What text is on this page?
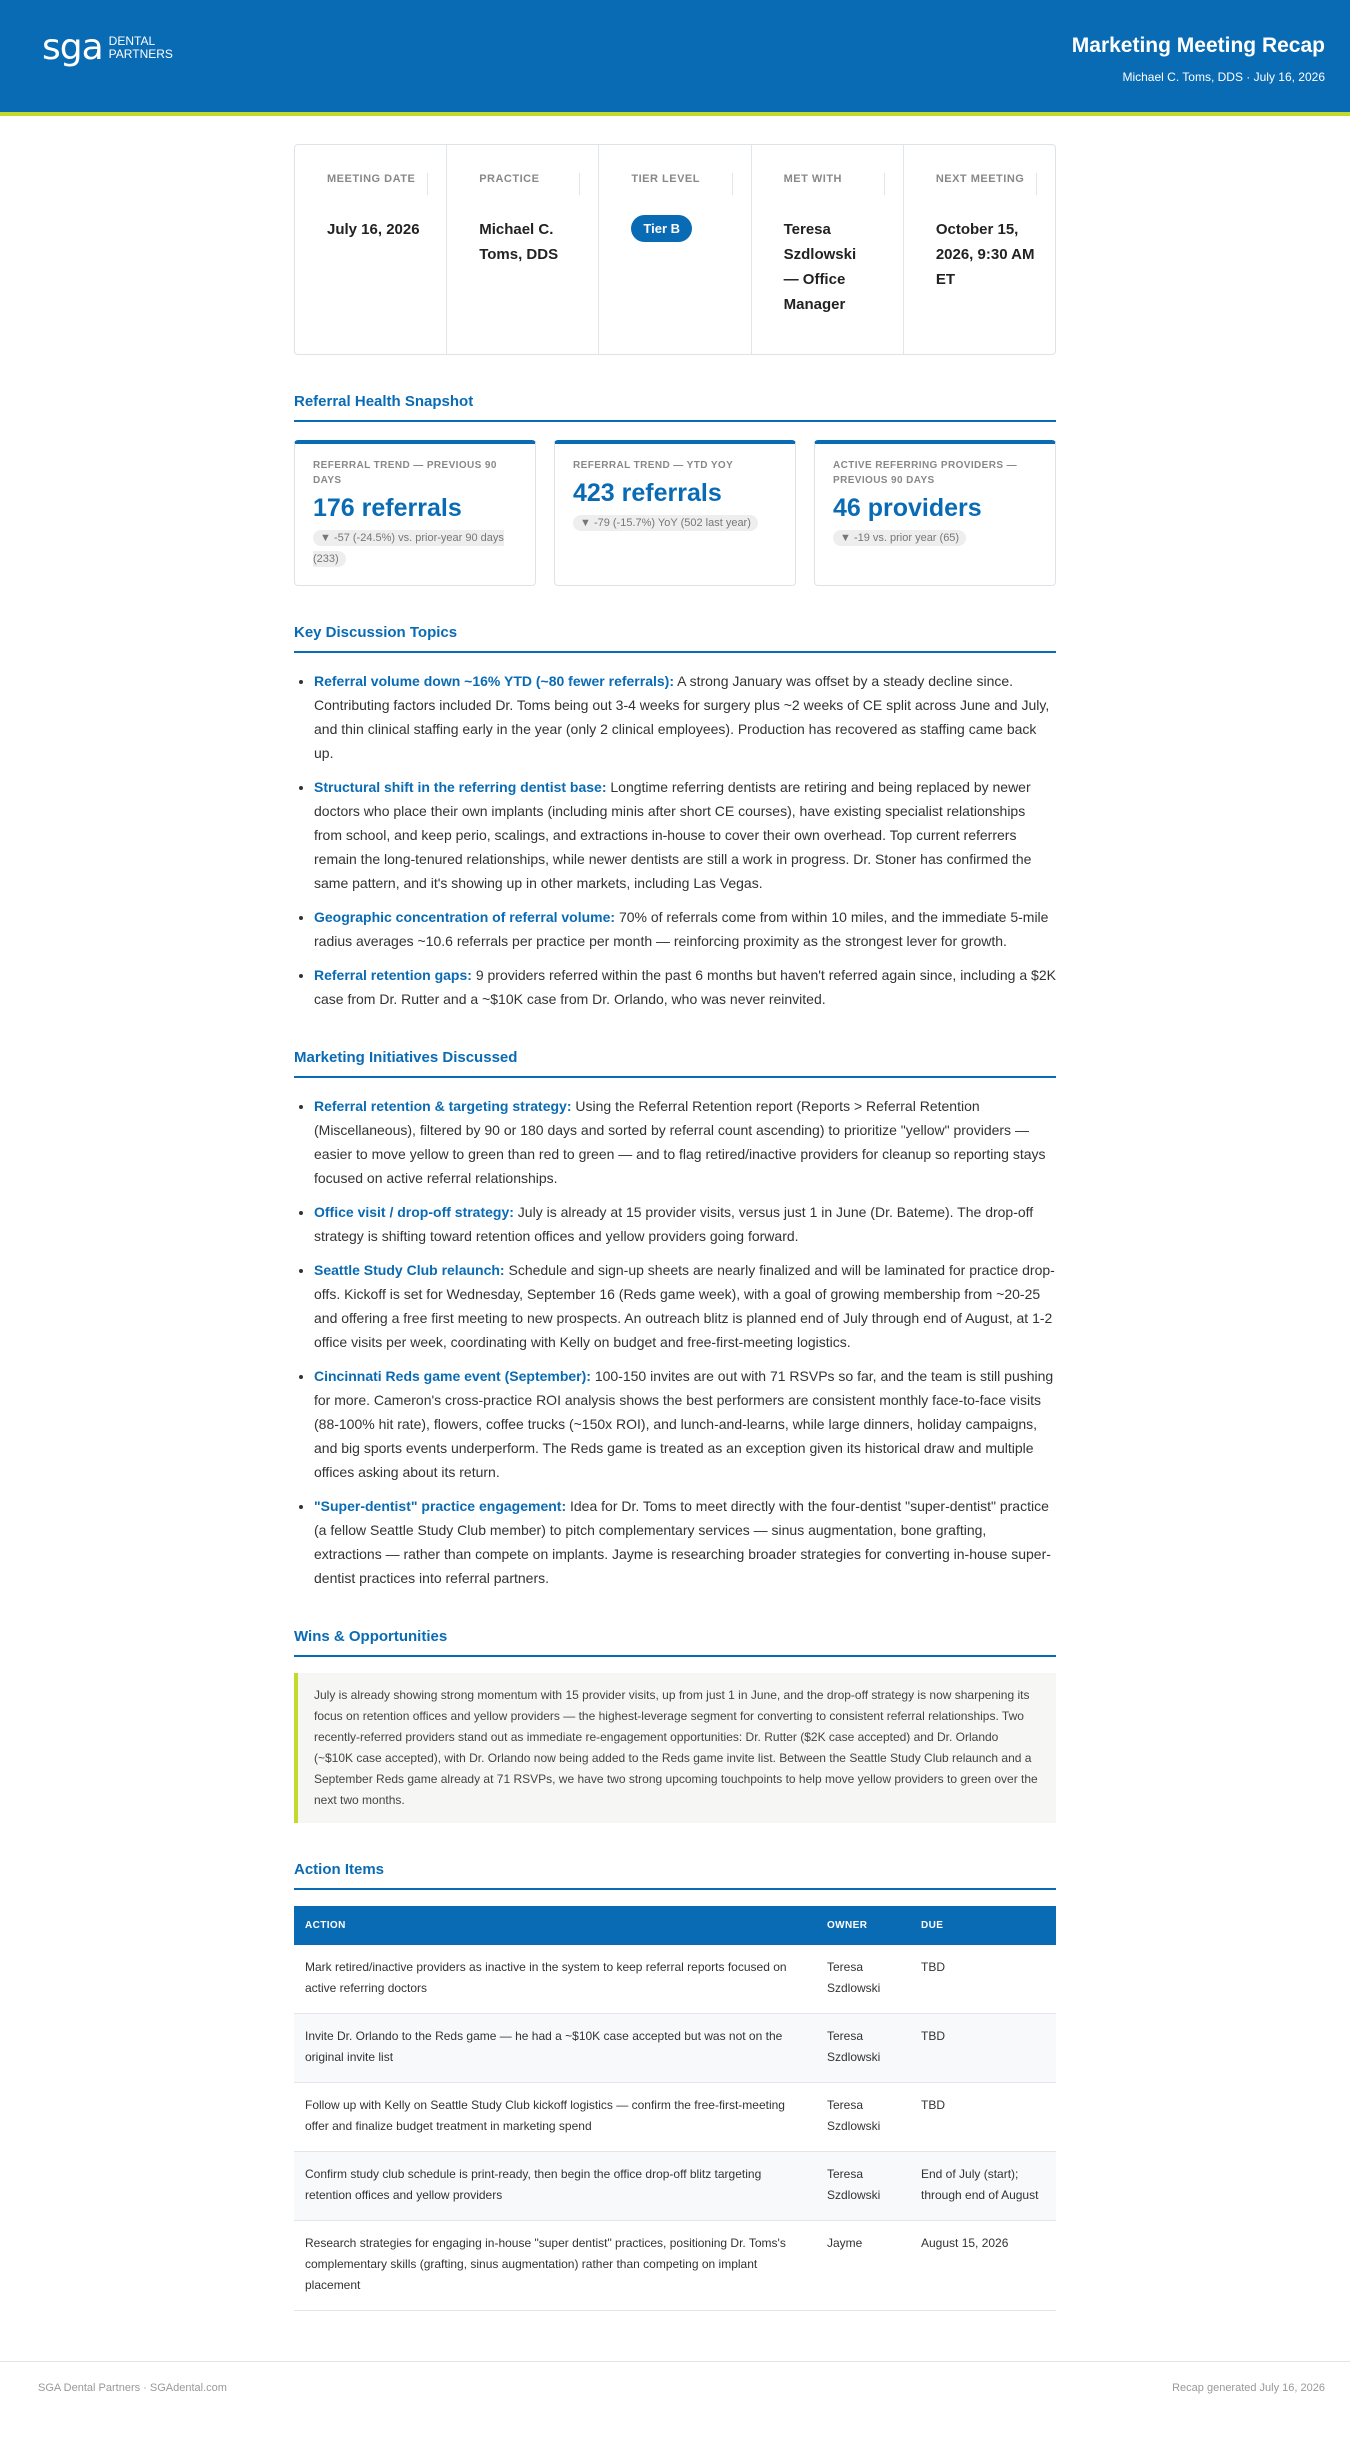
sga DENTAL
PARTNERS	Marketing Meeting Recap
Michael C. Toms, DDS · July 16, 2026
MEETING DATE
July 16, 2026
PRACTICE
Michael C. Toms, DDS
TIER LEVEL
Tier B
MET WITH
Teresa Szdlowski — Office Manager
NEXT MEETING
October 15, 2026, 9:30 AM ET
Referral Health Snapshot
REFERRAL TREND — PREVIOUS 90 DAYS
176 referrals
▼ -57 (-24.5%) vs. prior-year 90 days (233)
REFERRAL TREND — YTD YOY
423 referrals
▼ -79 (-15.7%) YoY (502 last year)
ACTIVE REFERRING PROVIDERS — PREVIOUS 90 DAYS
46 providers
▼ -19 vs. prior year (65)
Key Discussion Topics
• Referral volume down ~16% YTD (~80 fewer referrals): A strong January was offset by a steady decline since. Contributing factors included Dr. Toms being out 3-4 weeks for surgery plus ~2 weeks of CE split across June and July, and thin clinical staffing early in the year (only 2 clinical employees). Production has recovered as staffing came back up.
• Structural shift in the referring dentist base: Longtime referring dentists are retiring and being replaced by newer doctors who place their own implants (including minis after short CE courses), have existing specialist relationships from school, and keep perio, scalings, and extractions in-house to cover their own overhead. Top current referrers remain the long-tenured relationships, while newer dentists are still a work in progress. Dr. Stoner has confirmed the same pattern, and it's showing up in other markets, including Las Vegas.
• Geographic concentration of referral volume: 70% of referrals come from within 10 miles, and the immediate 5-mile radius averages ~10.6 referrals per practice per month — reinforcing proximity as the strongest lever for growth.
• Referral retention gaps: 9 providers referred within the past 6 months but haven't referred again since, including a $2K case from Dr. Rutter and a ~$10K case from Dr. Orlando, who was never reinvited.
Marketing Initiatives Discussed
• Referral retention & targeting strategy: Using the Referral Retention report (Reports > Referral Retention (Miscellaneous), filtered by 90 or 180 days and sorted by referral count ascending) to prioritize "yellow" providers — easier to move yellow to green than red to green — and to flag retired/inactive providers for cleanup so reporting stays focused on active referral relationships.
• Office visit / drop-off strategy: July is already at 15 provider visits, versus just 1 in June (Dr. Bateme). The drop-off strategy is shifting toward retention offices and yellow providers going forward.
• Seattle Study Club relaunch: Schedule and sign-up sheets are nearly finalized and will be laminated for practice drop-offs. Kickoff is set for Wednesday, September 16 (Reds game week), with a goal of growing membership from ~20-25 and offering a free first meeting to new prospects. An outreach blitz is planned end of July through end of August, at 1-2 office visits per week, coordinating with Kelly on budget and free-first-meeting logistics.
• Cincinnati Reds game event (September): 100-150 invites are out with 71 RSVPs so far, and the team is still pushing for more. Cameron's cross-practice ROI analysis shows the best performers are consistent monthly face-to-face visits (88-100% hit rate), flowers, coffee trucks (~150x ROI), and lunch-and-learns, while large dinners, holiday campaigns, and big sports events underperform. The Reds game is treated as an exception given its historical draw and multiple offices asking about its return.
• "Super-dentist" practice engagement: Idea for Dr. Toms to meet directly with the four-dentist "super-dentist" practice (a fellow Seattle Study Club member) to pitch complementary services — sinus augmentation, bone grafting, extractions — rather than compete on implants. Jayme is researching broader strategies for converting in-house super-dentist practices into referral partners.
Wins & Opportunities
July is already showing strong momentum with 15 provider visits, up from just 1 in June, and the drop-off strategy is now sharpening its focus on retention offices and yellow providers — the highest-leverage segment for converting to consistent referral relationships. Two recently-referred providers stand out as immediate re-engagement opportunities: Dr. Rutter ($2K case accepted) and Dr. Orlando (~$10K case accepted), with Dr. Orlando now being added to the Reds game invite list. Between the Seattle Study Club relaunch and a September Reds game already at 71 RSVPs, we have two strong upcoming touchpoints to help move yellow providers to green over the next two months.
Action Items
ACTION	OWNER	DUE
Mark retired/inactive providers as inactive in the system to keep referral reports focused on active referring doctors	Teresa Szdlowski	TBD
Invite Dr. Orlando to the Reds game — he had a ~$10K case accepted but was not on the original invite list	Teresa Szdlowski	TBD
Follow up with Kelly on Seattle Study Club kickoff logistics — confirm the free-first-meeting offer and finalize budget treatment in marketing spend	Teresa Szdlowski	TBD
Confirm study club schedule is print-ready, then begin the office drop-off blitz targeting retention offices and yellow providers	Teresa Szdlowski	End of July (start); through end of August
Research strategies for engaging in-house "super dentist" practices, positioning Dr. Toms's complementary skills (grafting, sinus augmentation) rather than competing on implant placement	Jayme	August 15, 2026
SGA Dental Partners · SGAdental.com	Recap generated July 16, 2026
